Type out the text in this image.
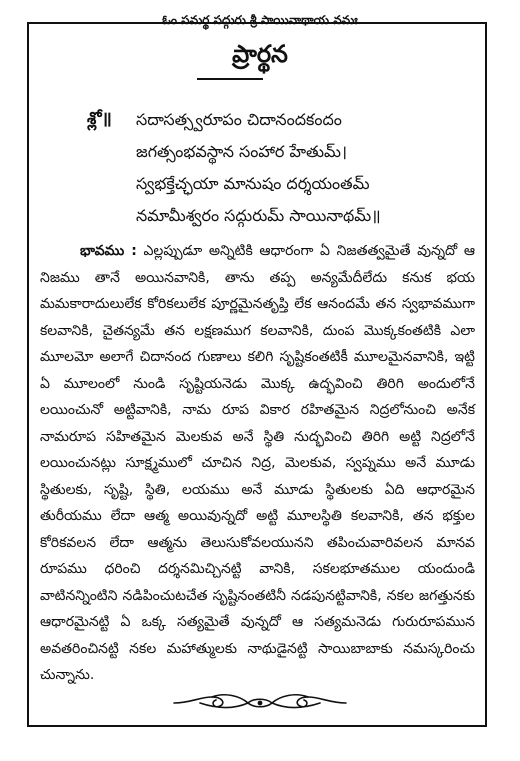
ఓం సమర్థ సద్గురు శ్రీ సాయినాథాయ నమః
ప్రార్థన
శ్లో॥ సదాసత్స్వరూపం చిదానందకందం
జగత్సంభవస్థాన సంహార హేతుమ్।
స్వభక్తేచ్ఛయా మానుషం దర్శయంతమ్
నమామీశ్వరం సద్గురుమ్ సాయినాథమ్॥
భావము : ఎల్లప్పుడూ అన్నిటికి ఆధారంగా ఏ నిజతత్వమైతే వున్నదో ఆ నిజము తానే అయినవానికి, తాను తప్ప అన్యమేదీలేదు కనుక భయ మమకారాదులులేక కోరికలులేక పూర్ణమైనతృప్తి లేక ఆనందమే తన స్వభావముగా కలవానికి, చైతన్యమే తన లక్షణముగ కలవానికి, దుంప మొక్కకంతటికి ఎలా మూలమో అలాగే చిదానంద గుణాలు కలిగి సృష్టికంతటికీ మూలమైనవానికి, ఇట్టి ఏ మూలంలో నుండి సృష్టియనెడు మొక్క ఉద్భవించి తిరిగి అందులోనే లయించునో అట్టివానికి, నామ రూప వికార రహితమైన నిద్రలోనుంచి అనేక నామరూప సహితమైన మెలకువ అనే స్థితి నుద్భవించి తిరిగి అట్టి నిద్రలోనే లయించునట్లు సూక్ష్మములో చూచిన నిద్ర, మెలకువ, స్వప్నము అనే మూడు స్థితులకు, సృష్టి, స్థితి, లయము అనే మూడు స్థితులకు ఏది ఆధారమైన తురీయము లేదా ఆత్మ అయివున్నదో అట్టి మూలస్థితి కలవానికి, తన భక్తుల కోరికవలన లేదా ఆత్మను తెలుసుకోవలయునని తపించువారివలన మానవ రూపము ధరించి దర్శనమిచ్చినట్టి వానికి, సకలభూతముల యందుండి వాటినన్నింటిని నడిపించుటచేత సృష్టినంతటినీ నడపునట్టివానికి, నకల జగత్తునకు ఆధారమైనట్టి ఏ ఒక్క సత్యమైతే వున్నదో ఆ సత్యమనెడు గురురూపమున అవతరించినట్టి నకల మహాత్ములకు నాథుడైనట్టి సాయిబాబాకు నమస్కరించు చున్నాను.
